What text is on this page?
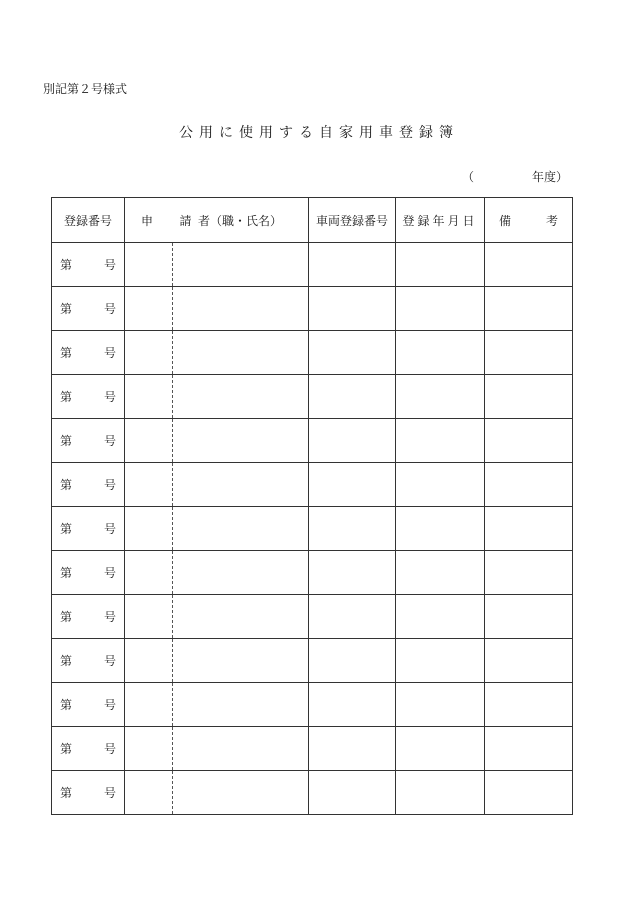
別記第２号様式
公用に使用する自家用車登録簿
（	年度）
登録番号	申 請 者（職・氏名）		車両登録番号	登録年月日	備 考

第 号					

第 号					

第 号					

第 号					

第 号					

第 号					

第 号					

第 号					

第 号					

第 号					

第 号					

第 号					

第 号					
